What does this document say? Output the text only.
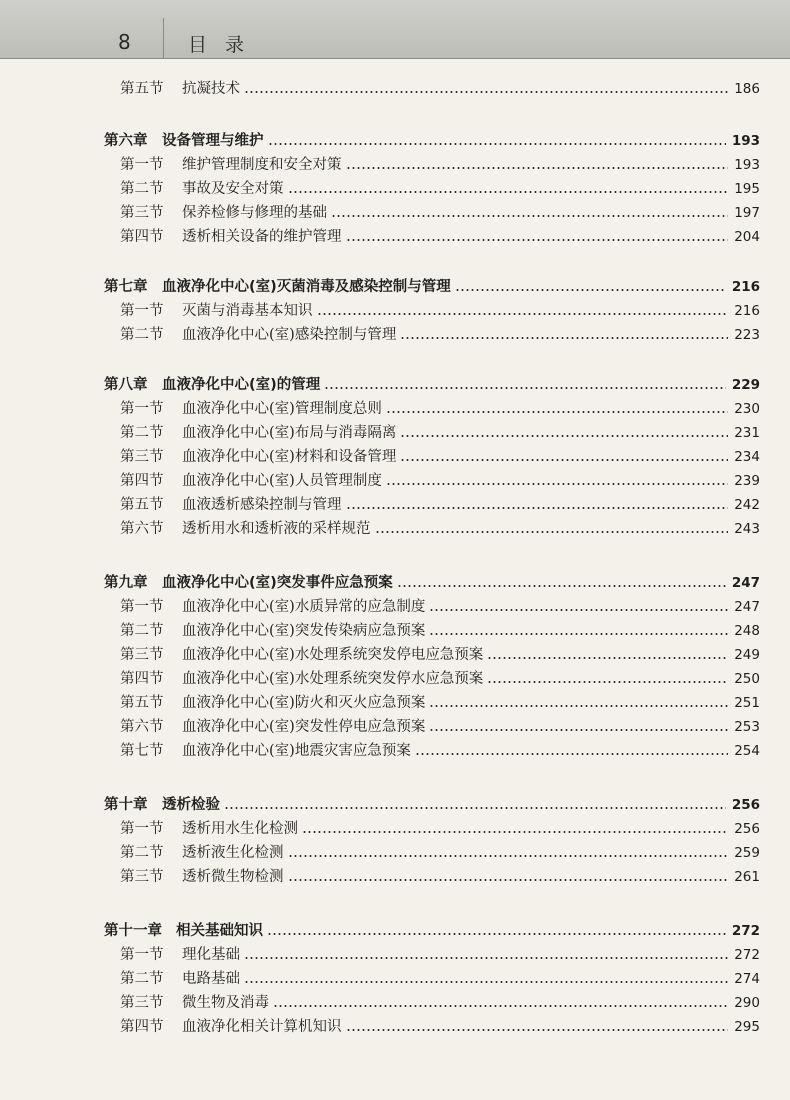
8	目录
第五节 抗凝技术	186
第六章 设备管理与维护	193
第一节 维护管理制度和安全对策	193
第二节 事故及安全对策	195
第三节 保养检修与修理的基础	197
第四节 透析相关设备的维护管理	204
第七章 血液净化中心(室)灭菌消毒及感染控制与管理	216
第一节 灭菌与消毒基本知识	216
第二节 血液净化中心(室)感染控制与管理	223
第八章 血液净化中心(室)的管理	229
第一节 血液净化中心(室)管理制度总则	230
第二节 血液净化中心(室)布局与消毒隔离	231
第三节 血液净化中心(室)材料和设备管理	234
第四节 血液净化中心(室)人员管理制度	239
第五节 血液透析感染控制与管理	242
第六节 透析用水和透析液的采样规范	243
第九章 血液净化中心(室)突发事件应急预案	247
第一节 血液净化中心(室)水质异常的应急制度	247
第二节 血液净化中心(室)突发传染病应急预案	248
第三节 血液净化中心(室)水处理系统突发停电应急预案	249
第四节 血液净化中心(室)水处理系统突发停水应急预案	250
第五节 血液净化中心(室)防火和灭火应急预案	251
第六节 血液净化中心(室)突发性停电应急预案	253
第七节 血液净化中心(室)地震灾害应急预案	254
第十章 透析检验	256
第一节 透析用水生化检测	256
第二节 透析液生化检测	259
第三节 透析微生物检测	261
第十一章 相关基础知识	272
第一节 理化基础	272
第二节 电路基础	274
第三节 微生物及消毒	290
第四节 血液净化相关计算机知识	295
